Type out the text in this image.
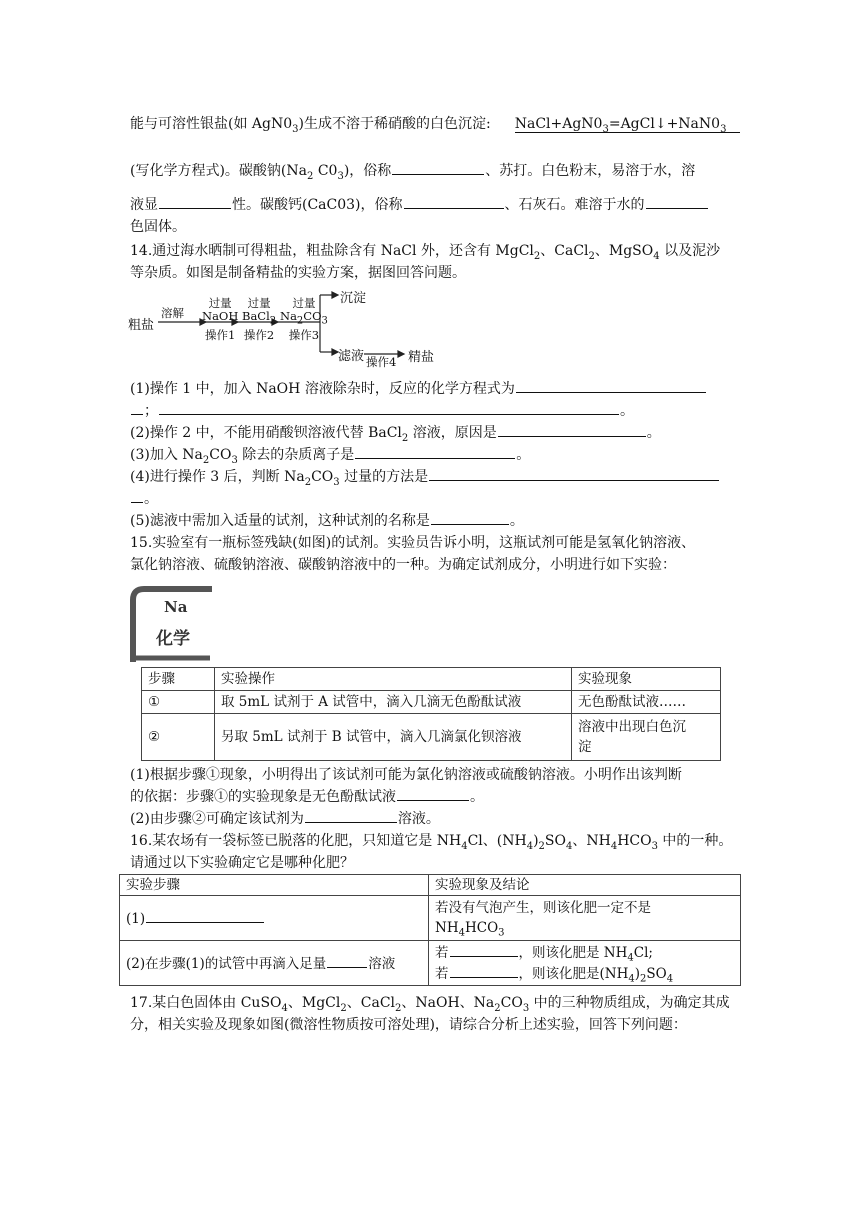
能与可溶性银盐(如 $AgN0_3$)生成不溶于稀硝酸的白色沉淀: $NaCl+AgN0_3=AgCl↓+NaN0_3$
(写化学方程式)。碳酸钠($Na_2$ $C0_3$)，俗称	、苏打。白色粉末，易溶于水，溶
液显	性。碳酸钙(CaC03)，俗称	、石灰石。难溶于水的
色固体。
14.通过海水晒制可得粗盐，粗盐除含有 NaCl 外，还含有 MgCl$_2$、CaCl$_2$、MgSO$_4$ 以及泥沙
等杂质。如图是制备精盐的实验方案，据图回答问题。
粗盐
溶解
过量
NaOH
操作1
过量
BaCl$_2$
操作2
过量
$Na_2CO_3$
操作3
沉淀
滤液 操作4 精盐
(1)操作 1 中，加入 NaOH 溶液除杂时，反应的化学方程式为
；	。
(2)操作 2 中，不能用硝酸钡溶液代替 BaCl$_2$ 溶液，原因是	。
(3)加入 $Na_2CO_3$ 除去的杂质离子是	。
(4)进行操作 3 后，判断 $Na_2CO_3$ 过量的方法是
。
(5)滤液中需加入适量的试剂，这种试剂的名称是	。
15.实验室有一瓶标签残缺(如图)的试剂。实验员告诉小明，这瓶试剂可能是氢氧化钠溶液、
氯化钠溶液、硫酸钠溶液、碳酸钠溶液中的一种。为确定试剂成分，小明进行如下实验：
Na
化学
步骤	实验操作	实验现象
①	取 5mL 试剂于 A 试管中，滴入几滴无色酚酞试液	无色酚酞试液……
②	另取 5mL 试剂于 B 试管中，滴入几滴氯化钡溶液	溶液中出现白色沉
淀
(1)根据步骤①现象，小明得出了该试剂可能为氯化钠溶液或硫酸钠溶液。小明作出该判断
的依据：步骤①的实验现象是无色酚酞试液	。
(2)由步骤②可确定该试剂为	溶液。
16.某农场有一袋标签已脱落的化肥，只知道它是 $NH_4Cl$、$(NH_4)_2SO_4$、$NH_4HCO_3$ 中的一种。
请通过以下实验确定它是哪种化肥？
实验步骤	实验现象及结论
(1)	若没有气泡产生，则该化肥一定不是
$NH_4HCO_3$

(2)在步骤(1)的试管中再滴入足量 溶液	若 ，则该化肥是 $NH_4Cl$;
若 ，则该化肥是$(NH_4)_2SO_4$
17.某白色固体由 CuSO$_4$、MgCl$_2$、CaCl$_2$、NaOH、$Na_2CO_3$ 中的三种物质组成，为确定其成
分，相关实验及现象如图(微溶性物质按可溶处理)，请综合分析上述实验，回答下列问题：
